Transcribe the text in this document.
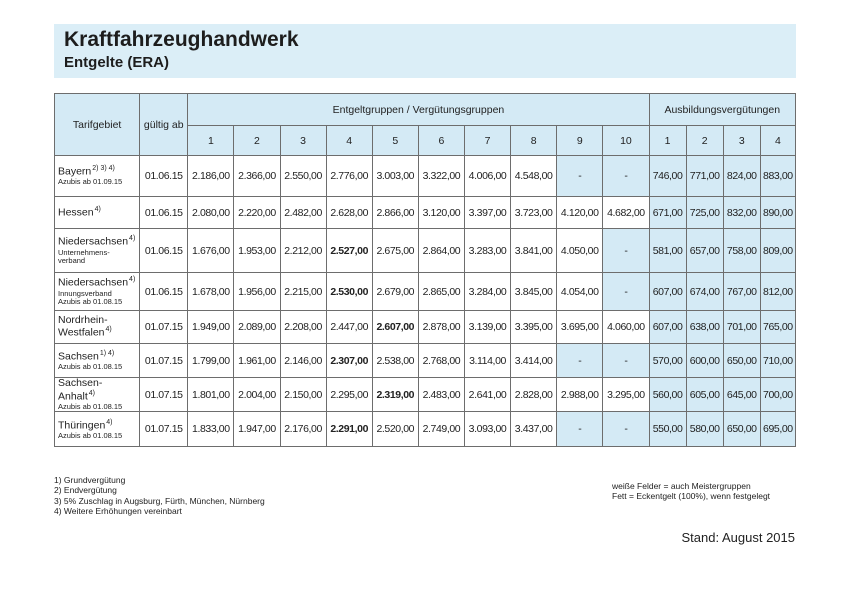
Kraftfahrzeughandwerk
Entgelte (ERA)
Tarifgebiet	gültig ab	Entgeltgruppen / Vergütungsgruppen										Ausbildungsvergütungen			
		1	2	3	4	5	6	7	8	9	10	1	2	3	4

Bayern$^{2) 3) 4)}$
Azubis ab 01.09.15	01.06.15	2.186,00	2.366,00	2.550,00	2.776,00	3.003,00	3.322,00	4.006,00	4.548,00	-	-	746,00	771,00	824,00	883,00

Hessen$^{4)}$	01.06.15	2.080,00	2.220,00	2.482,00	2.628,00	2.866,00	3.120,00	3.397,00	3.723,00	4.120,00	4.682,00	671,00	725,00	832,00	890,00

Niedersachsen$^{4)}$
Unternehmens-
verband	01.06.15	1.676,00	1.953,00	2.212,00	2.527,00	2.675,00	2.864,00	3.283,00	3.841,00	4.050,00	-	581,00	657,00	758,00	809,00

Niedersachsen$^{4)}$
Innungsverband
Azubis ab 01.08.15	01.06.15	1.678,00	1.956,00	2.215,00	2.530,00	2.679,00	2.865,00	3.284,00	3.845,00	4.054,00	-	607,00	674,00	767,00	812,00

Nordrhein-
Westfalen$^{4)}$	01.07.15	1.949,00	2.089,00	2.208,00	2.447,00	2.607,00	2.878,00	3.139,00	3.395,00	3.695,00	4.060,00	607,00	638,00	701,00	765,00

Sachsen$^{1) 4)}$
Azubis ab 01.08.15	01.07.15	1.799,00	1.961,00	2.146,00	2.307,00	2.538,00	2.768,00	3.114,00	3.414,00	-	-	570,00	600,00	650,00	710,00

Sachsen-Anhalt$^{4)}$
Azubis ab 01.08.15	01.07.15	1.801,00	2.004,00	2.150,00	2.295,00	2.319,00	2.483,00	2.641,00	2.828,00	2.988,00	3.295,00	560,00	605,00	645,00	700,00

Thüringen$^{4)}$
Azubis ab 01.08.15	01.07.15	1.833,00	1.947,00	2.176,00	2.291,00	2.520,00	2.749,00	3.093,00	3.437,00	-	-	550,00	580,00	650,00	695,00
1) Grundvergütung
2) Endvergütung
3) 5% Zuschlag in Augsburg, Fürth, München, Nürnberg
4) Weitere Erhöhungen vereinbart
weiße Felder = auch Meistergruppen
Fett = Eckentgelt (100%), wenn festgelegt
Stand: August 2015
